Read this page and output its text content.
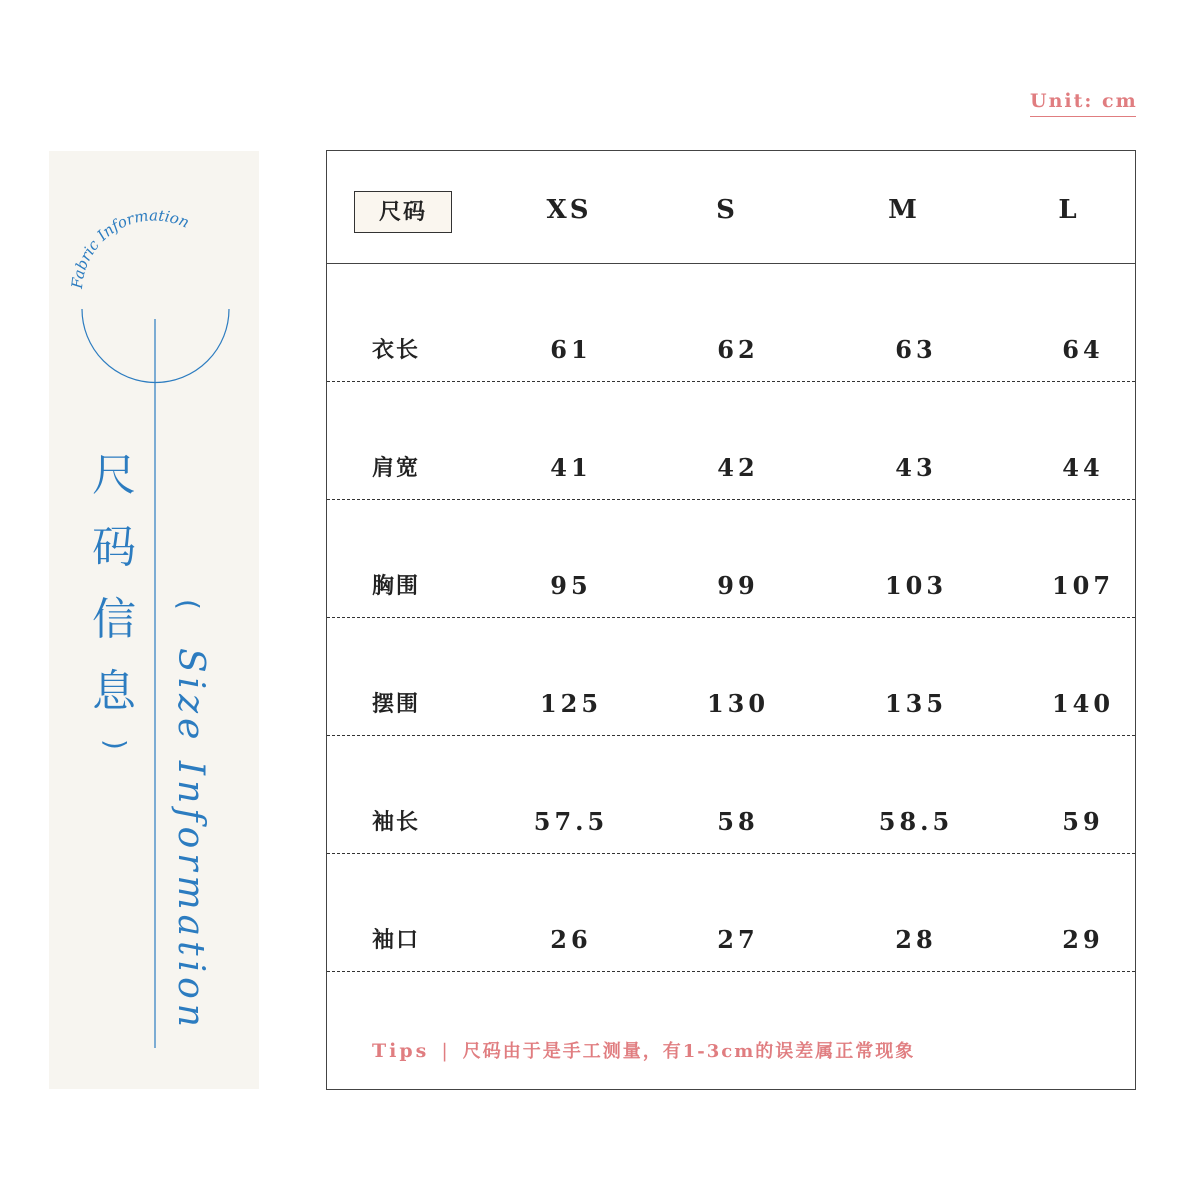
Unit: cm
Fabric Information
尺
码
信
息
(
) Size Information
尺码	XS	S	M	L
衣长	61	62	63	64
肩宽	41	42	43	44
胸围	95	99	103	107
摆围	125	130	135	140
袖长	57.5	58	58.5	59
袖口	26	27	28	29
Tips | 尺码由于是手工测量，有1-3cm的误差属正常现象
